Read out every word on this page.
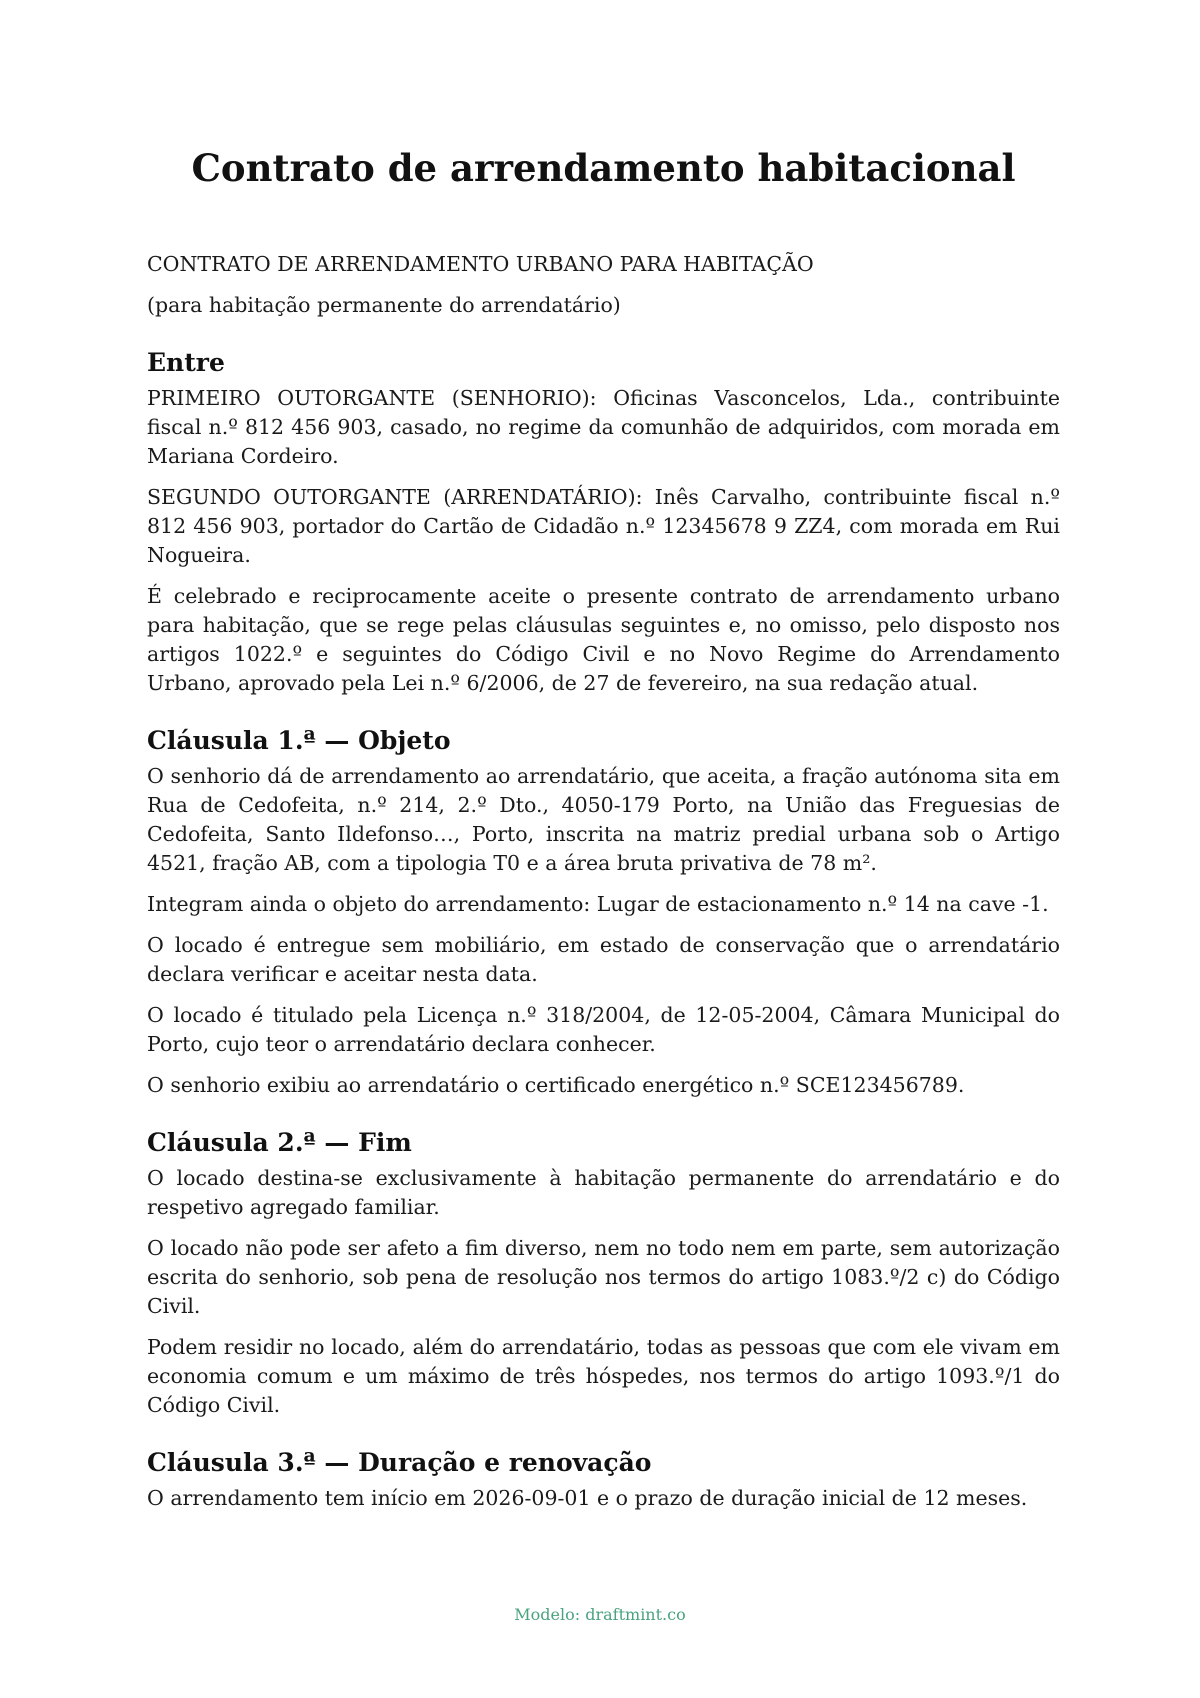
Contrato de arrendamento habitacional

CONTRATO DE ARRENDAMENTO URBANO PARA HABITAÇÃO

(para habitação permanente do arrendatário)

Entre

PRIMEIRO OUTORGANTE (SENHORIO): Oficinas Vasconcelos, Lda., contribuinte fiscal n.º 812 456 903, casado, no regime da comunhão de adquiridos, com morada em Mariana Cordeiro.

SEGUNDO OUTORGANTE (ARRENDATÁRIO): Inês Carvalho, contribuinte fiscal n.º 812 456 903, portador do Cartão de Cidadão n.º 12345678 9 ZZ4, com morada em Rui Nogueira.

É celebrado e reciprocamente aceite o presente contrato de arrendamento urbano para habitação, que se rege pelas cláusulas seguintes e, no omisso, pelo disposto nos artigos 1022.º e seguintes do Código Civil e no Novo Regime do Arrendamento Urbano, aprovado pela Lei n.º 6/2006, de 27 de fevereiro, na sua redação atual.

Cláusula 1.ª — Objeto

O senhorio dá de arrendamento ao arrendatário, que aceita, a fração autónoma sita em Rua de Cedofeita, n.º 214, 2.º Dto., 4050-179 Porto, na União das Freguesias de Cedofeita, Santo Ildefonso…, Porto, inscrita na matriz predial urbana sob o Artigo 4521, fração AB, com a tipologia T0 e a área bruta privativa de 78 m².

Integram ainda o objeto do arrendamento: Lugar de estacionamento n.º 14 na cave -1.

O locado é entregue sem mobiliário, em estado de conservação que o arrendatário declara verificar e aceitar nesta data.

O locado é titulado pela Licença n.º 318/2004, de 12-05-2004, Câmara Municipal do Porto, cujo teor o arrendatário declara conhecer.

O senhorio exibiu ao arrendatário o certificado energético n.º SCE123456789.

Cláusula 2.ª — Fim

O locado destina-se exclusivamente à habitação permanente do arrendatário e do respetivo agregado familiar.

O locado não pode ser afeto a fim diverso, nem no todo nem em parte, sem autorização escrita do senhorio, sob pena de resolução nos termos do artigo 1083.º/2 c) do Código Civil.

Podem residir no locado, além do arrendatário, todas as pessoas que com ele vivam em economia comum e um máximo de três hóspedes, nos termos do artigo 1093.º/1 do Código Civil.

Cláusula 3.ª — Duração e renovação

O arrendamento tem início em 2026-09-01 e o prazo de duração inicial de 12 meses.

Modelo: draftmint.co
